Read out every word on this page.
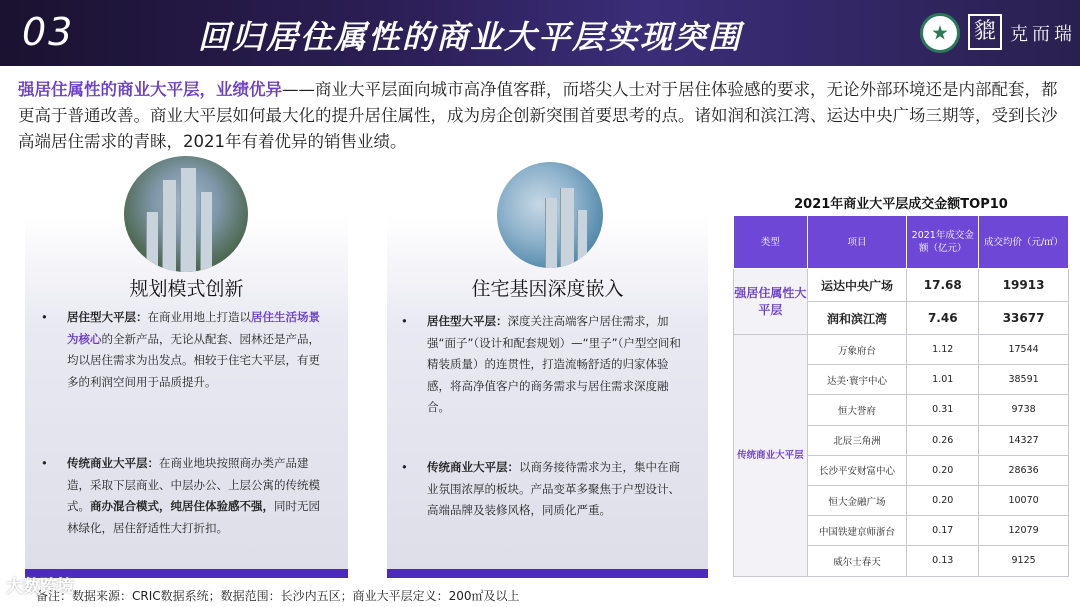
03	回归居住属性的商业大平层实现突围	貔 克而瑞
强居住属性的商业大平层，业绩优异——商业大平层面向城市高净值客群，而塔尖人士对于居住体验感的要求，无论外部环境还是内部配套，都更高于普通改善。商业大平层如何最大化的提升居住属性，成为房企创新突围首要思考的点。诸如润和滨江湾、运达中央广场三期等，受到长沙高端居住需求的青睐，2021年有着优异的销售业绩。
规划模式创新
• 居住型大平层：在商业用地上打造以居住生活场景为核心的全新产品，无论从配套、园林还是产品，均以居住需求为出发点。相较于住宅大平层，有更多的利润空间用于品质提升。
• 传统商业大平层：在商业地块按照商办类产品建造，采取下层商业、中层办公、上层公寓的传统模式。商办混合模式，纯居住体验感不强，同时无园林绿化，居住舒适性大打折扣。
住宅基因深度嵌入
• 居住型大平层：深度关注高端客户居住需求，加强“面子”（设计和配套规划）—“里子”（户型空间和精装质量）的连贯性，打造流畅舒适的归家体验感，将高净值客户的商务需求与居住需求深度融合。
• 传统商业大平层：以商务接待需求为主，集中在商业氛围浓厚的板块。产品变革多聚焦于户型设计、高端品牌及装修风格，同质化严重。
2021年商业大平层成交金额TOP10
类型	项目	2021年成交金额（亿元）	成交均价（元/㎡）
强居住属性大平层	运达中央广场	17.68	19913
	润和滨江湾	7.46	33677
传统商业大平层	万象府台	1.12	17544
	达美·寰宇中心	1.01	38591
	恒大誉府	0.31	9738
	北辰三角洲	0.26	14327
	长沙平安财富中心	0.20	28636
	恒大金融广场	0.20	10070
	中国铁建京师浙台	0.17	12079
	威尔士春天	0.13	9125
备注：数据来源：CRIC数据系统；数据范围：长沙内五区；商业大平层定义：200㎡及以上
大数跨境
